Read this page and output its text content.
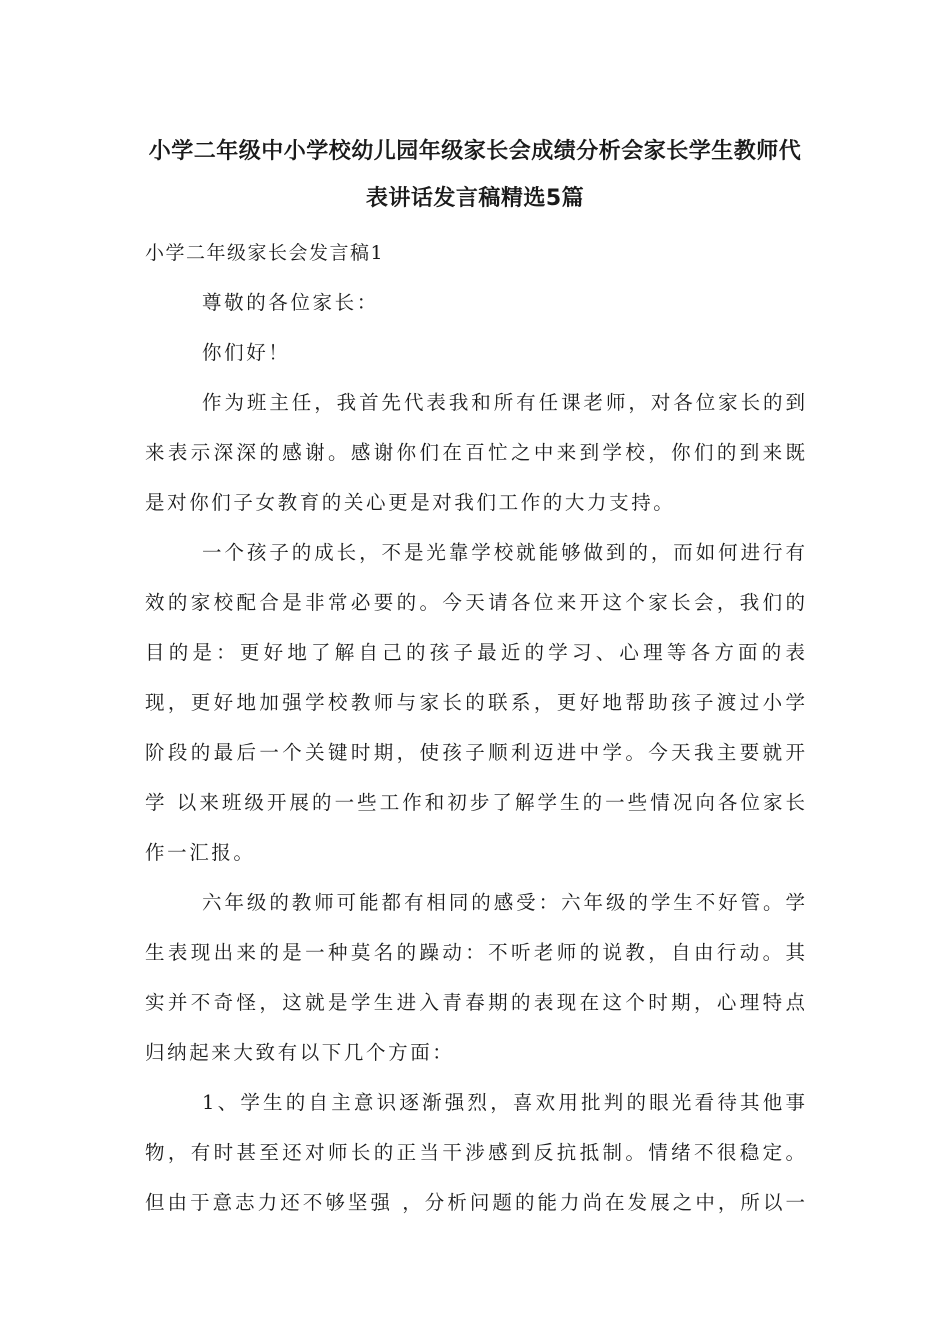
小学二年级中小学校幼儿园年级家长会成绩分析会家长学生教师代
表讲话发言稿精选5篇
小学二年级家长会发言稿1
尊敬的各位家长：
你们好！
作为班主任，我首先代表我和所有任课老师，对各位家长的到
来表示深深的感谢。感谢你们在百忙之中来到学校，你们的到来既
是对你们子女教育的关心更是对我们工作的大力支持。
一个孩子的成长，不是光靠学校就能够做到的，而如何进行有
效的家校配合是非常必要的。今天请各位来开这个家长会，我们的
目的是：更好地了解自己的孩子最近的学习、心理等各方面的表
现，更好地加强学校教师与家长的联系，更好地帮助孩子渡过小学
阶段的最后一个关键时期，使孩子顺利迈进中学。今天我主要就开
学 以来班级开展的一些工作和初步了解学生的一些情况向各位家长
作一汇报。
六年级的教师可能都有相同的感受：六年级的学生不好管。学
生表现出来的是一种莫名的躁动：不听老师的说教，自由行动。其
实并不奇怪，这就是学生进入青春期的表现在这个时期，心理特点
归纳起来大致有以下几个方面：
1、学生的自主意识逐渐强烈，喜欢用批判的眼光看待其他事
物，有时甚至还对师长的正当干涉感到反抗抵制。情绪不很稳定。
但由于意志力还不够坚强 ，分析问题的能力尚在发展之中，所以一
